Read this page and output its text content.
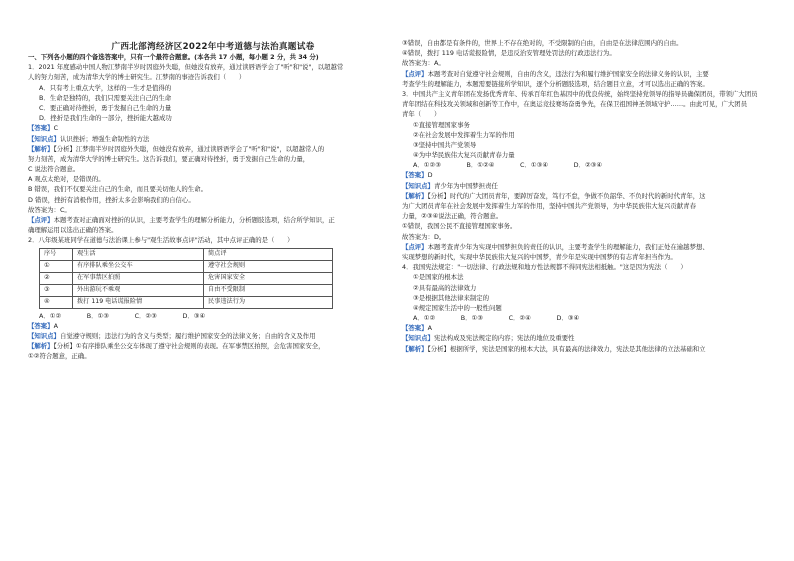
广西北部湾经济区2022年中考道德与法治真题试卷
一、下列各小题的四个备选答案中，只有一个最符合题意。(本各共 17 小题，每小题 2 分，共 34 分)
1．2021 年度感动中国人物江梦南半岁时因庭外失聪，但她没有放弃，通过读唇语学会了"听"和"说"，以超越常
人的努力刻苦，成为清华大学的博士研究生。江梦南的事迹告诉我们（　　）
A．只有考上重点大学，这样的一生才是值得的
B．生命是独特的，我们只需要关注自己的生命
C．要正确对待挫折，勇于发掘自己生命的力量
D．挫折是我们生命的一部分，挫折能大越成功
【答案】C
【知识点】认识挫折；增强生命韧性的方法
【解析】【分析】江梦南半岁时因庭外失聪，但她没有放弃，通过读唇语学会了"听"和"说"，以超越常人的
努力刻苦，成为清华大学的博士研究生。这告诉我们，要正确对待挫折，勇于发掘自己生命的力量，
C 说法符合题意。
A 观点太绝对，是错误的。
B 错误，我们不仅要关注自己的生命，而且要关切他人的生命。
D 错误，挫折有消极作用，挫折太多会影响我们的自信心。
故答案为：C。
【点评】本题考查对正确面对挫折的认识，主要考查学生的理解分析能力，分析题肢选项，结合所学知识，正
确理解运用以选出正确的答案。
2．八年级某班同学在道德与法治课上参与"观生活故事点评"活动，其中点评正确的是（　　）
序号	观生活	简点评
①	有序排队乘坐公交车	遵守社会规则
②	在军事禁区拍照	危害国家安全
③	外出游玩不乘观	自由不受限制
④	拨打 119 电话谎报险情	民事违法行为
A．①②　　　　B．①③　　　　C．②③　　　　D．③④
【答案】A
【知识点】自觉遵守规则；违法行为的含义与类型；履行维护国家安全的法律义务；自由的含义及作用
【解析】【分析】①有序排队乘坐公交车体现了遵守社会规则的表现。在军事禁区拍照，会危害国家安全，
①②符合题意，正确。
③错误，自由都是有条件的，世界上不存在绝对的，不受限制的自由，自由是在法律范围内的自由。
④错误，拨打 119 电话谎报险情，是违反治安管理处罚法的行政违法行为。
故答案为：A。
【点评】本题考查对自觉遵守社会规则，自由的含义，违法行为和履行维护国家安全的法律义务的认识，主要
考查学生的理解能力，本题需要链接所学知识，逐个分析题肢选项，结合题目立意，才可以选出正确的答案。
3．中国共产主义青年团在发扬优秀青年、传承百年红色基因中的优良传统，始终坚持党领导的指导员确保团员，带领广大团员
青年团结在科技攻关领域和创新等工作中，在奥运竞技赛场奋勇争先，在保卫祖国神圣领域守护……。由此可见，广大团员
青年（　　）
①直接管理国家事务
②在社会发展中发挥着生力军的作用
③坚持中国共产党领导
④为中华民族伟大复兴贡献青春力量
A．①②③　　　　B．①②④　　　　C．①③④　　　　D．②③④
【答案】D
【知识点】青少年为中国梦担责任
【解析】【分析】时代的广大团员青年，要踔厉奋发，笃行不怠，争做不负韶华、不负时代的新时代青年，这
为广大团员青年在社会发展中发挥着生力军的作用，坚持中国共产党领导，为中华民族伟大复兴贡献青春
力量，②③④说法正确，符合题意。
①错误，我国公民不直接管理国家事务。
故答案为：D。
【点评】本题考查青少年为实现中国梦担负的责任的认识，主要考查学生的理解能力，我们正处在逾越梦想、
实现梦想的新时代，实现中华民族伟大复兴的中国梦，青少年是实现中国梦的有志青年担当作为。
4．我国宪法规定："一切法律、行政法规和地方性法规都不得同宪法相抵触。"这是因为宪法（　　）
①是国家的根本法
②具有最高的法律效力
③是根据其他法律来制定的
④规定国家生活中的一般性问题
A．①②　　　　B．①③　　　　C．②④　　　　D．③④
【答案】A
【知识点】宪法构成及宪法规定的内容；宪法的地位及重要性
【解析】【分析】根据所学，宪法是国家的根本大法，具有最高的法律效力，宪法是其他法律的立法基础和立
